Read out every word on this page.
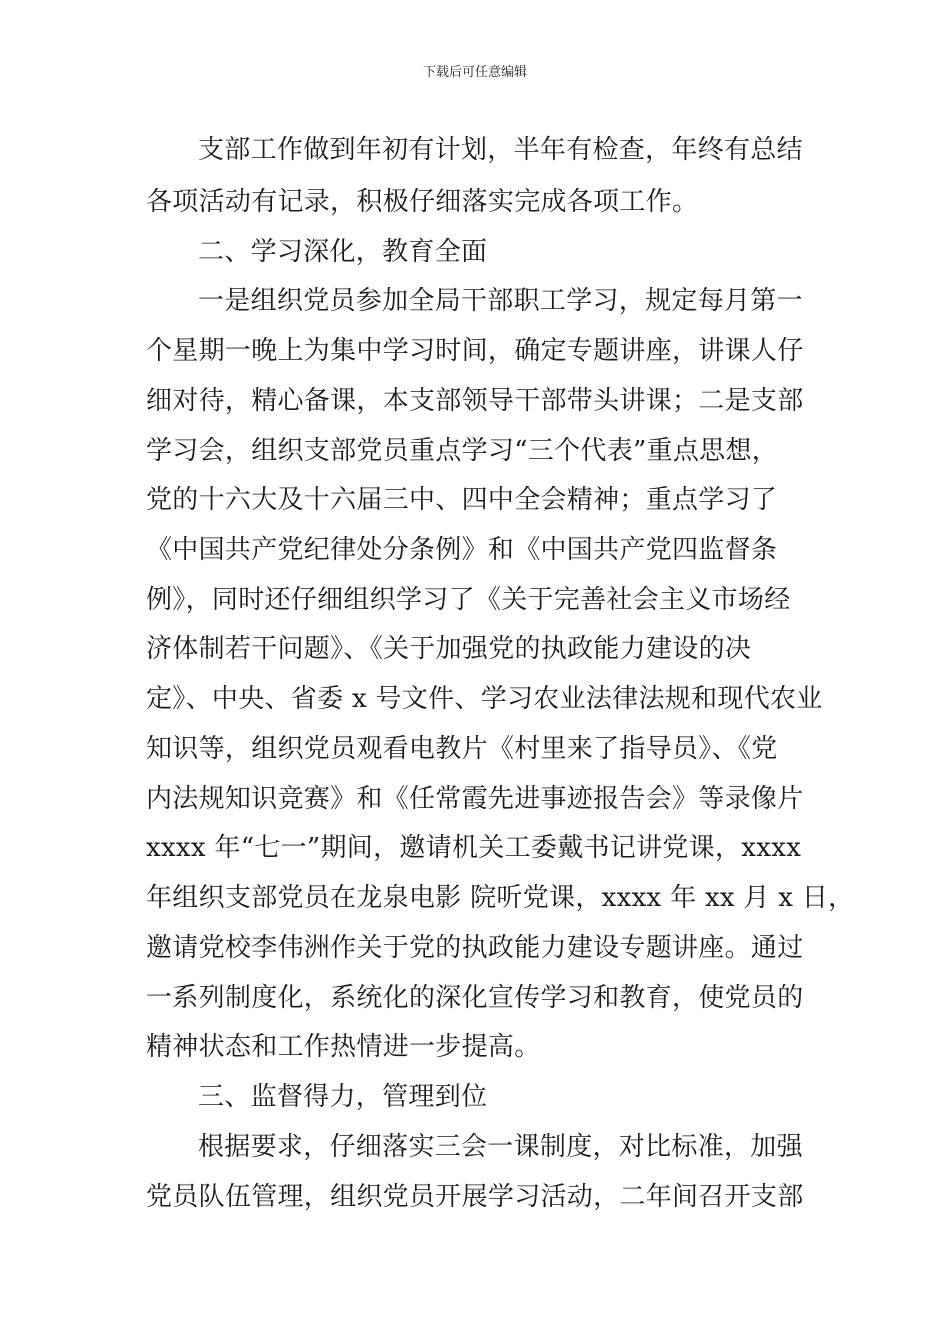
下载后可任意编辑
支部工作做到年初有计划，半年有检查，年终有总结
各项活动有记录，积极仔细落实完成各项工作。
二、学习深化，教育全面
一是组织党员参加全局干部职工学习，规定每月第一
个星期一晚上为集中学习时间，确定专题讲座，讲课人仔
细对待，精心备课，本支部领导干部带头讲课；二是支部
学习会，组织支部党员重点学习“三个代表”重点思想，
党的十六大及十六届三中、四中全会精神；重点学习了
《中国共产党纪律处分条例》和《中国共产党四监督条
例》，同时还仔细组织学习了《关于完善社会主义市场经
济体制若干问题》、《关于加强党的执政能力建设的决
定》、中央、省委 x 号文件、学习农业法律法规和现代农业
知识等，组织党员观看电教片《村里来了指导员》、《党
内法规知识竞赛》和《任常霞先进事迹报告会》等录像片
xxxx 年“七一”期间，邀请机关工委戴书记讲党课，xxxx
年组织支部党员在龙泉电影 院听党课，xxxx 年 xx 月 x 日，
邀请党校李伟洲作关于党的执政能力建设专题讲座。通过
一系列制度化，系统化的深化宣传学习和教育，使党员的
精神状态和工作热情进一步提高。
三、监督得力，管理到位
根据要求，仔细落实三会一课制度，对比标准，加强
党员队伍管理，组织党员开展学习活动，二年间召开支部
